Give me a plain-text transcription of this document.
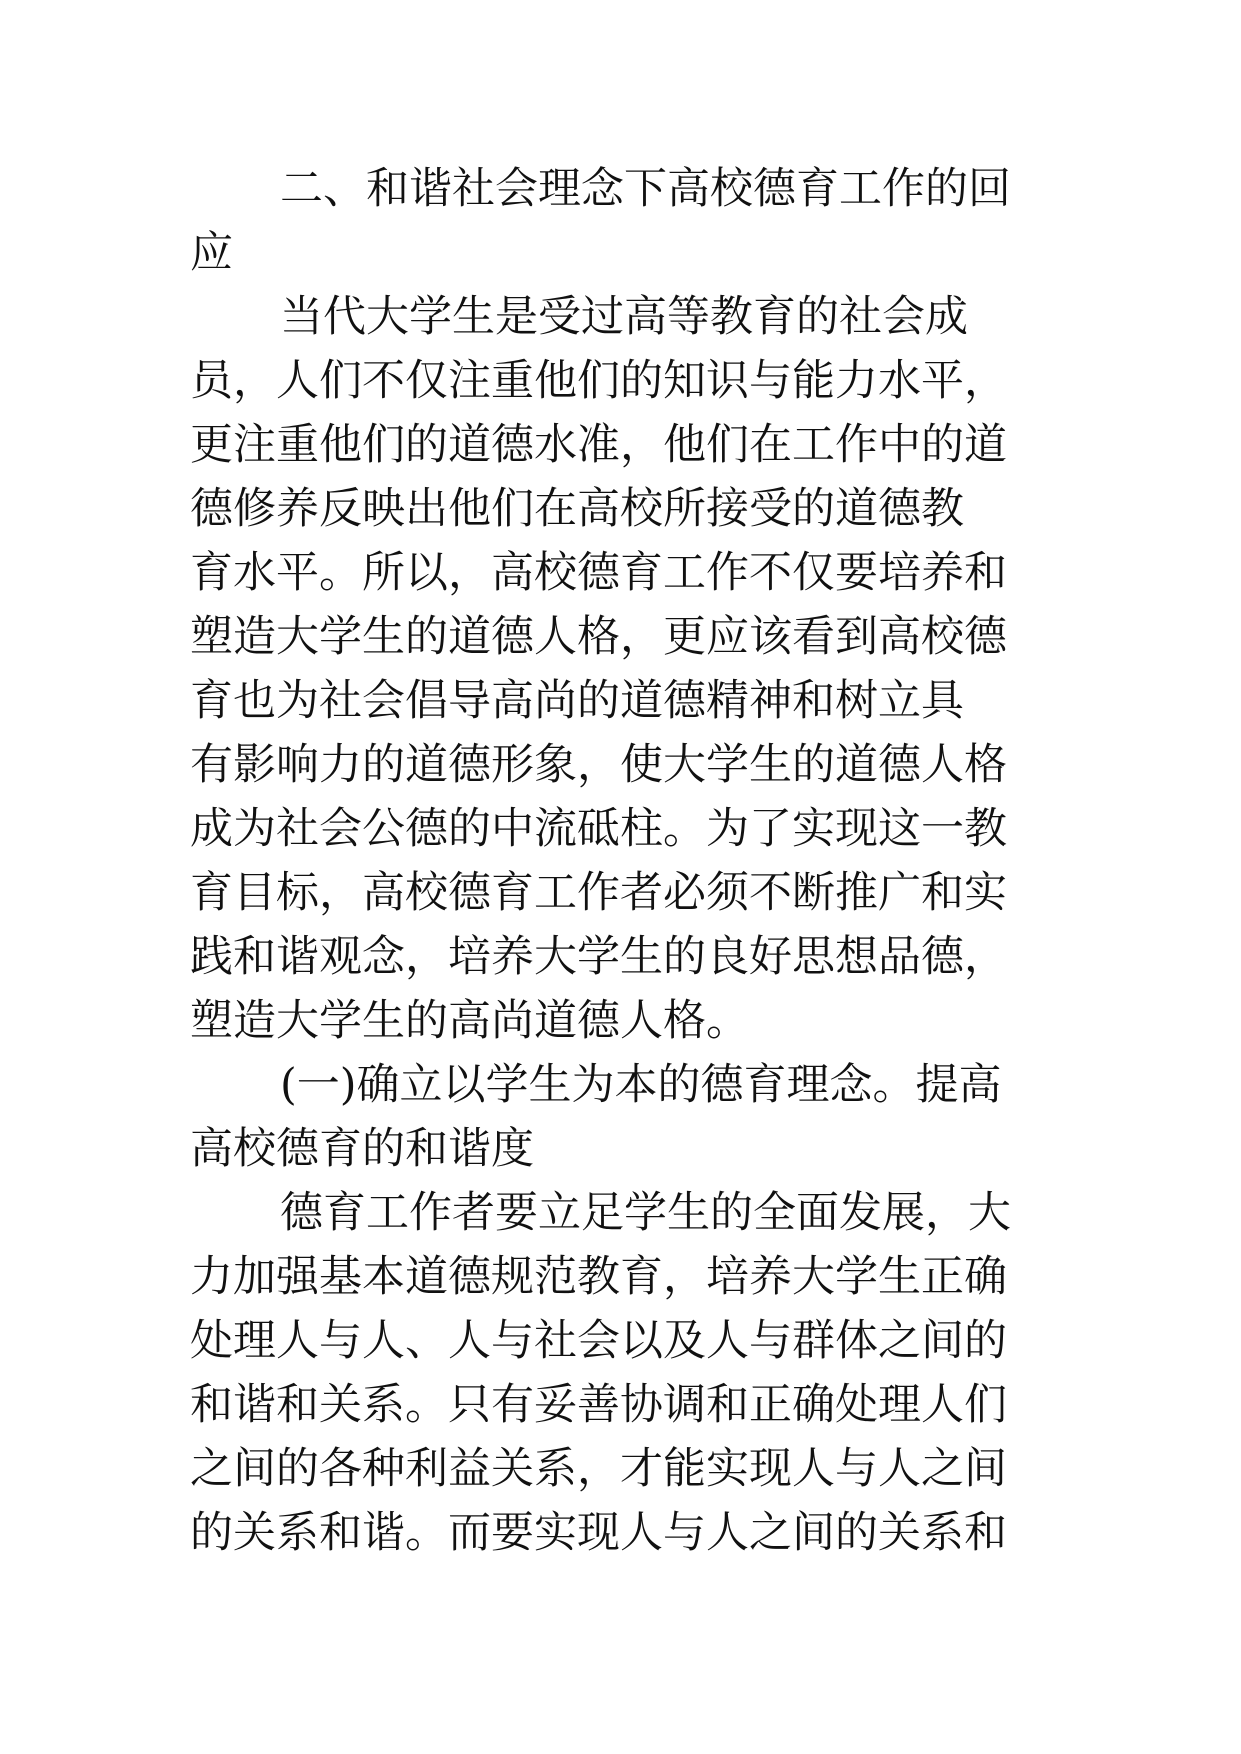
二、和谐社会理念下高校德育工作的回
应
当代大学生是受过高等教育的社会成
员，人们不仅注重他们的知识与能力水平，
更注重他们的道德水准，他们在工作中的道
德修养反映出他们在高校所接受的道德教
育水平。所以，高校德育工作不仅要培养和
塑造大学生的道德人格，更应该看到高校德
育也为社会倡导高尚的道德精神和树立具
有影响力的道德形象，使大学生的道德人格
成为社会公德的中流砥柱。为了实现这一教
育目标，高校德育工作者必须不断推广和实
践和谐观念，培养大学生的良好思想品德，
塑造大学生的高尚道德人格。
(一)确立以学生为本的德育理念。提高
高校德育的和谐度
德育工作者要立足学生的全面发展，大
力加强基本道德规范教育，培养大学生正确
处理人与人、人与社会以及人与群体之间的
和谐和关系。只有妥善协调和正确处理人们
之间的各种利益关系，才能实现人与人之间
的关系和谐。而要实现人与人之间的关系和
